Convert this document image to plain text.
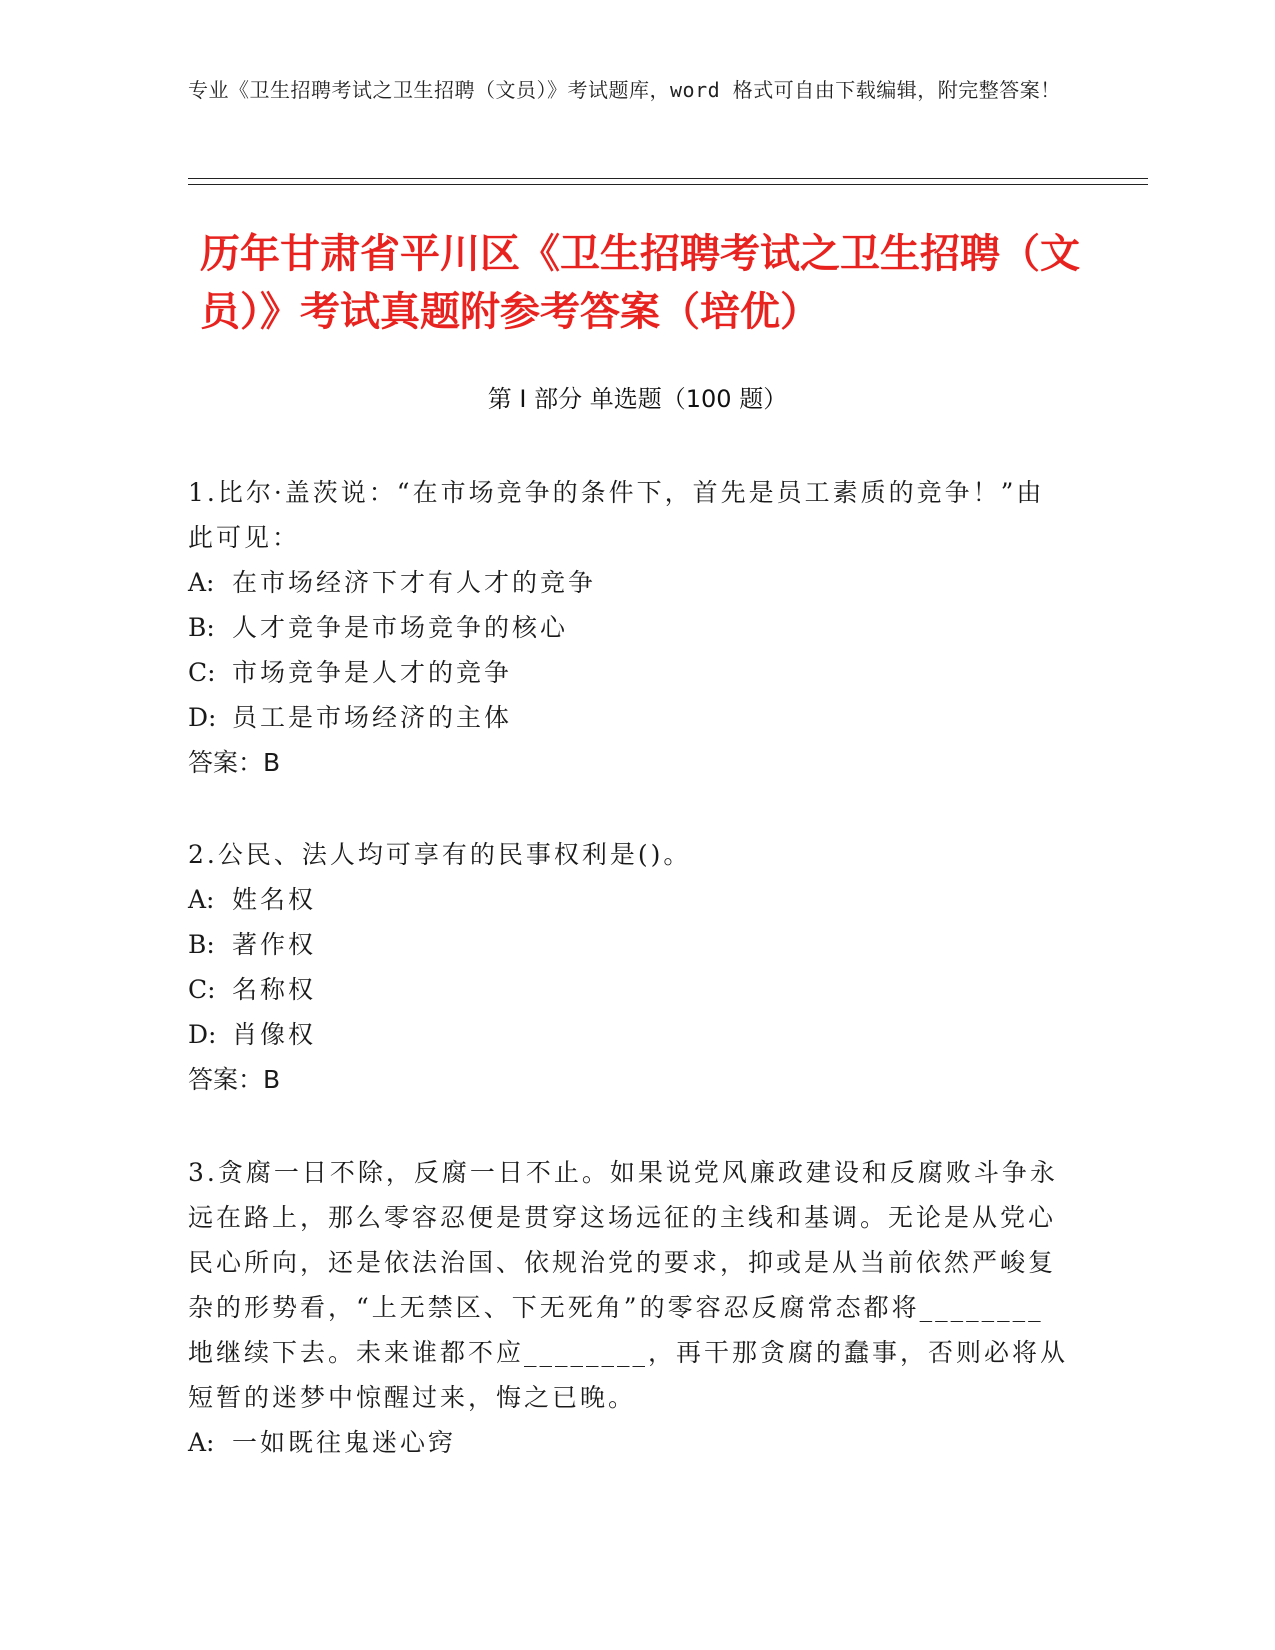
专业《卫生招聘考试之卫生招聘（文员）》考试题库，word 格式可自由下载编辑，附完整答案！
历年甘肃省平川区《卫生招聘考试之卫生招聘（文员）》考试真题附参考答案（培优）
第 I 部分 单选题（100 题）

1.比尔·盖茨说：“在市场竞争的条件下，首先是员工素质的竞争！”由此可见：

A: 在市场经济下才有人才的竞争

B: 人才竞争是市场竞争的核心

C: 市场竞争是人才的竞争

D: 员工是市场经济的主体

答案：B

2.公民、法人均可享有的民事权利是()。

A: 姓名权

B: 著作权

C: 名称权

D: 肖像权

答案：B

3.贪腐一日不除，反腐一日不止。如果说党风廉政建设和反腐败斗争永远在路上，那么零容忍便是贯穿这场远征的主线和基调。无论是从党心民心所向，还是依法治国、依规治党的要求，抑或是从当前依然严峻复杂的形势看，“上无禁区、下无死角”的零容忍反腐常态都将________地继续下去。未来谁都不应________，再干那贪腐的蠢事，否则必将从短暂的迷梦中惊醒过来，悔之已晚。

A: 一如既往鬼迷心窍
